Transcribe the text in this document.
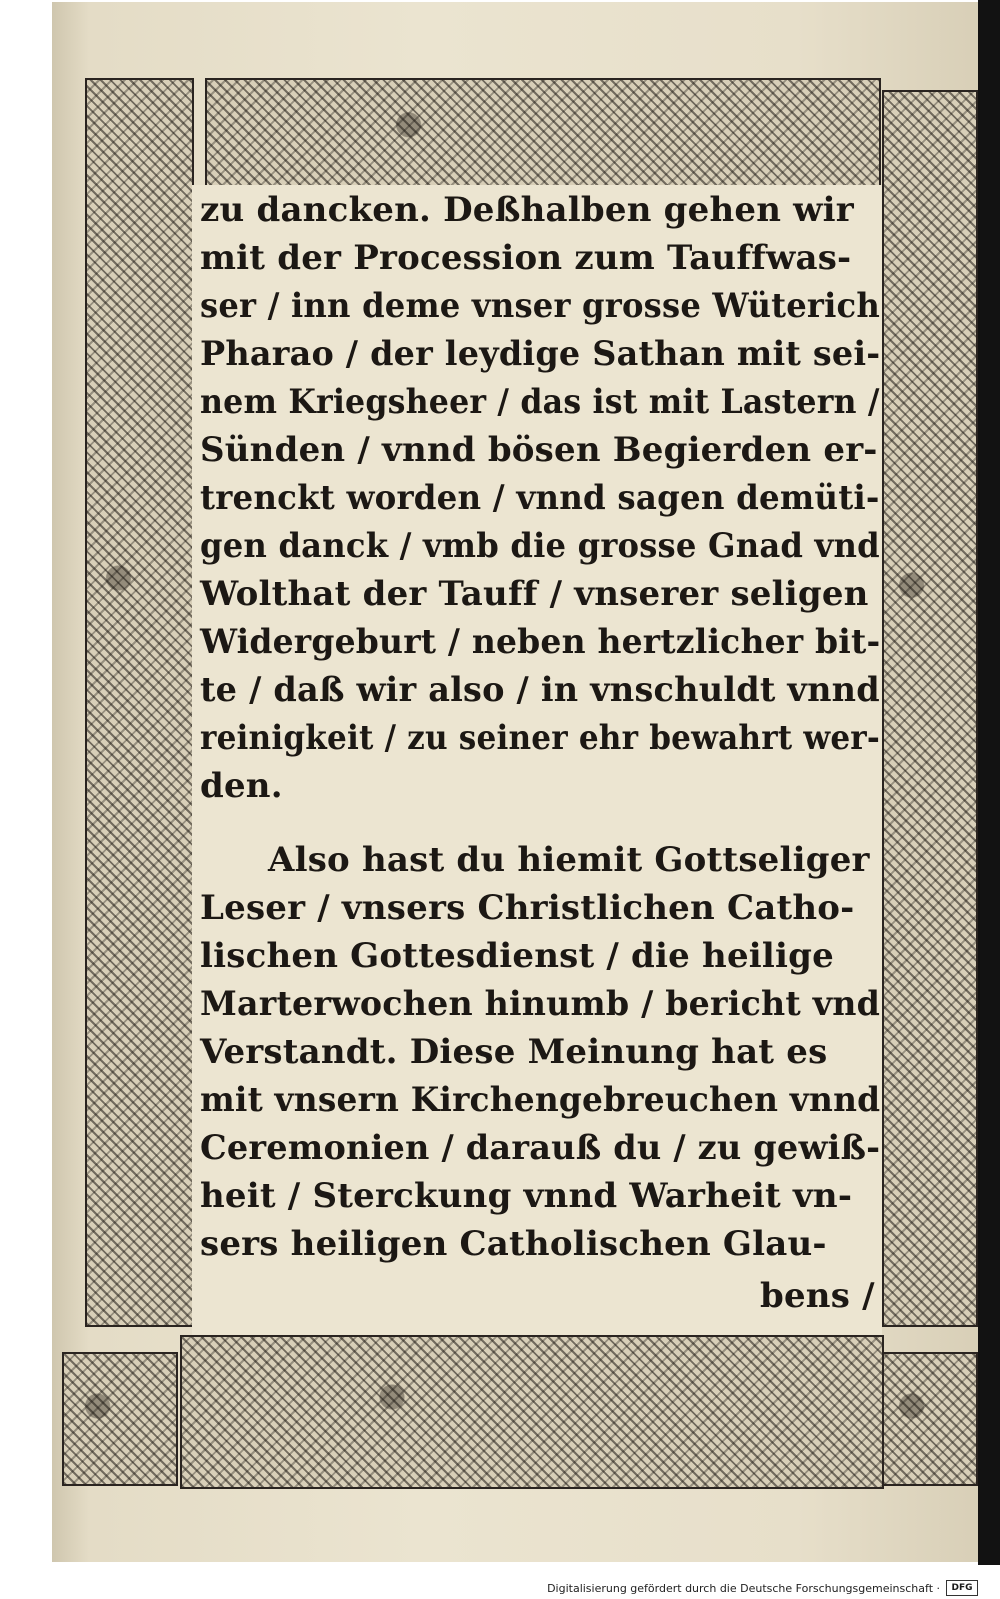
zu dancken. Deßhalben gehen wir
mit der Procession zum Tauffwas-
ser / inn deme vnser grosse Wüterich
Pharao / der leydige Sathan mit sei-
nem Kriegsheer / das ist mit Lastern /
Sünden / vnnd bösen Begierden er-
trenckt worden / vnnd sagen demüti-
gen danck / vmb die grosse Gnad vnd
Wolthat der Tauff / vnserer seligen
Widergeburt / neben hertzlicher bit-
te / daß wir also / in vnschuldt vnnd
reinigkeit / zu seiner ehr bewahrt wer-
den.
Also hast du hiemit Gottseliger
Leser / vnsers Christlichen Catho-
lischen Gottesdienst / die heilige
Marterwochen hinumb / bericht vnd
Verstandt. Diese Meinung hat es
mit vnsern Kirchengebreuchen vnnd
Ceremonien / darauß du / zu gewiß-
heit / Sterckung vnnd Warheit vn-
sers heiligen Catholischen Glau-
bens /
Digitalisierung gefördert durch die Deutsche Forschungsgemeinschaft ·	DFG
